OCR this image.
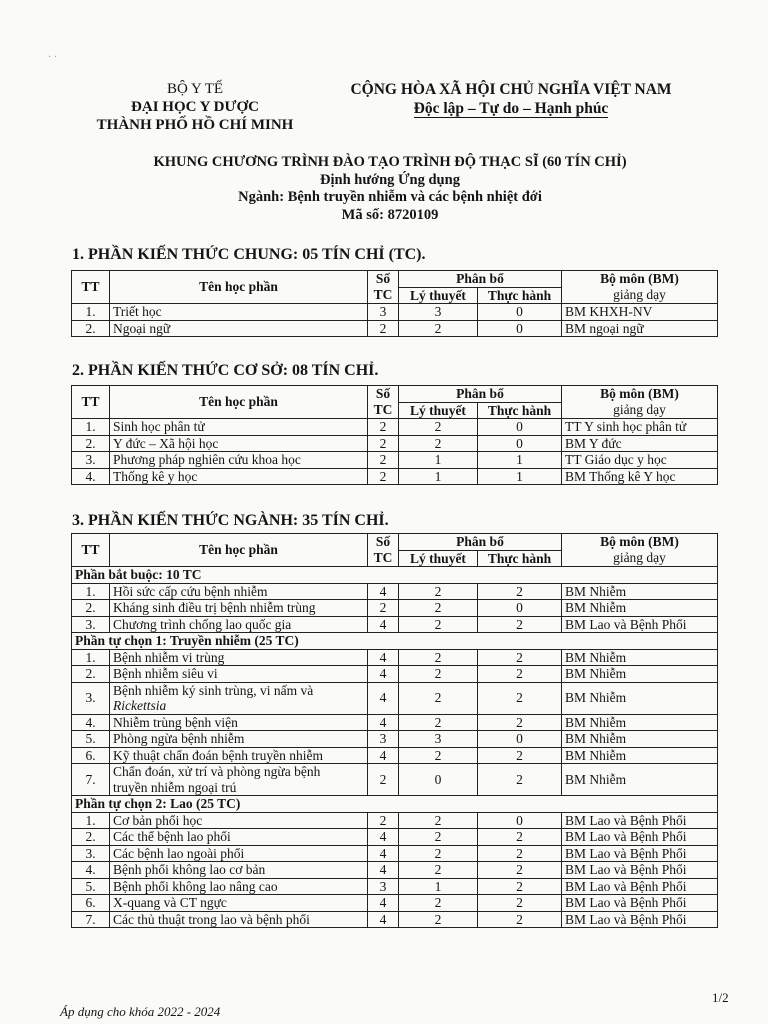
· ·
BỘ Y TẾ
ĐẠI HỌC Y DƯỢC
THÀNH PHỐ HỒ CHÍ MINH
CỘNG HÒA XÃ HỘI CHỦ NGHĨA VIỆT NAM
Độc lập – Tự do – Hạnh phúc
KHUNG CHƯƠNG TRÌNH ĐÀO TẠO TRÌNH ĐỘ THẠC SĨ (60 TÍN CHỈ)
Định hướng Ứng dụng
Ngành: Bệnh truyền nhiễm và các bệnh nhiệt đới
Mã số: 8720109
1. PHẦN KIẾN THỨC CHUNG: 05 TÍN CHỈ (TC).
TT	Tên học phần	Số	Phân bổ		Bộ môn (BM)
		TC	Lý thuyết	Thực hành	giảng dạy
1.	Triết học	3	3	0	BM KHXH-NV
2.	Ngoại ngữ	2	2	0	BM ngoại ngữ
2. PHẦN KIẾN THỨC CƠ SỞ: 08 TÍN CHỈ.
TT	Tên học phần	Số	Phân bổ		Bộ môn (BM)
		TC	Lý thuyết	Thực hành	giảng dạy
1.	Sinh học phân tử	2	2	0	TT Y sinh học phân tử
2.	Y đức – Xã hội học	2	2	0	BM Y đức
3.	Phương pháp nghiên cứu khoa học	2	1	1	TT Giáo dục y học
4.	Thống kê y học	2	1	1	BM Thống kê Y học
3. PHẦN KIẾN THỨC NGÀNH: 35 TÍN CHỈ.
TT	Tên học phần	Số	Phân bổ		Bộ môn (BM)
		TC	Lý thuyết	Thực hành	giảng dạy
Phần bắt buộc: 10 TC					
1.	Hồi sức cấp cứu bệnh nhiễm	4	2	2	BM Nhiễm
2.	Kháng sinh điều trị bệnh nhiễm trùng	2	2	0	BM Nhiễm
3.	Chương trình chống lao quốc gia	4	2	2	BM Lao và Bệnh Phổi
Phần tự chọn 1: Truyền nhiễm (25 TC)					
1.	Bệnh nhiễm vi trùng	4	2	2	BM Nhiễm
2.	Bệnh nhiễm siêu vi	4	2	2	BM Nhiễm
3.	Bệnh nhiễm ký sinh trùng, vi nấm và
Rickettsia	4	2	2	BM Nhiễm
4.	Nhiễm trùng bệnh viện	4	2	2	BM Nhiễm
5.	Phòng ngừa bệnh nhiễm	3	3	0	BM Nhiễm
6.	Kỹ thuật chẩn đoán bệnh truyền nhiễm	4	2	2	BM Nhiễm
7.	Chẩn đoán, xử trí và phòng ngừa bệnh
truyền nhiễm ngoại trú	2	0	2	BM Nhiễm
Phần tự chọn 2: Lao (25 TC)					
1.	Cơ bản phổi học	2	2	0	BM Lao và Bệnh Phổi
2.	Các thể bệnh lao phổi	4	2	2	BM Lao và Bệnh Phổi
3.	Các bệnh lao ngoài phổi	4	2	2	BM Lao và Bệnh Phổi
4.	Bệnh phổi không lao cơ bản	4	2	2	BM Lao và Bệnh Phổi
5.	Bệnh phổi không lao nâng cao	3	1	2	BM Lao và Bệnh Phổi
6.	X-quang và CT ngực	4	2	2	BM Lao và Bệnh Phổi
7.	Các thủ thuật trong lao và bệnh phổi	4	2	2	BM Lao và Bệnh Phổi
Áp dụng cho khóa 2022 - 2024
1/2
